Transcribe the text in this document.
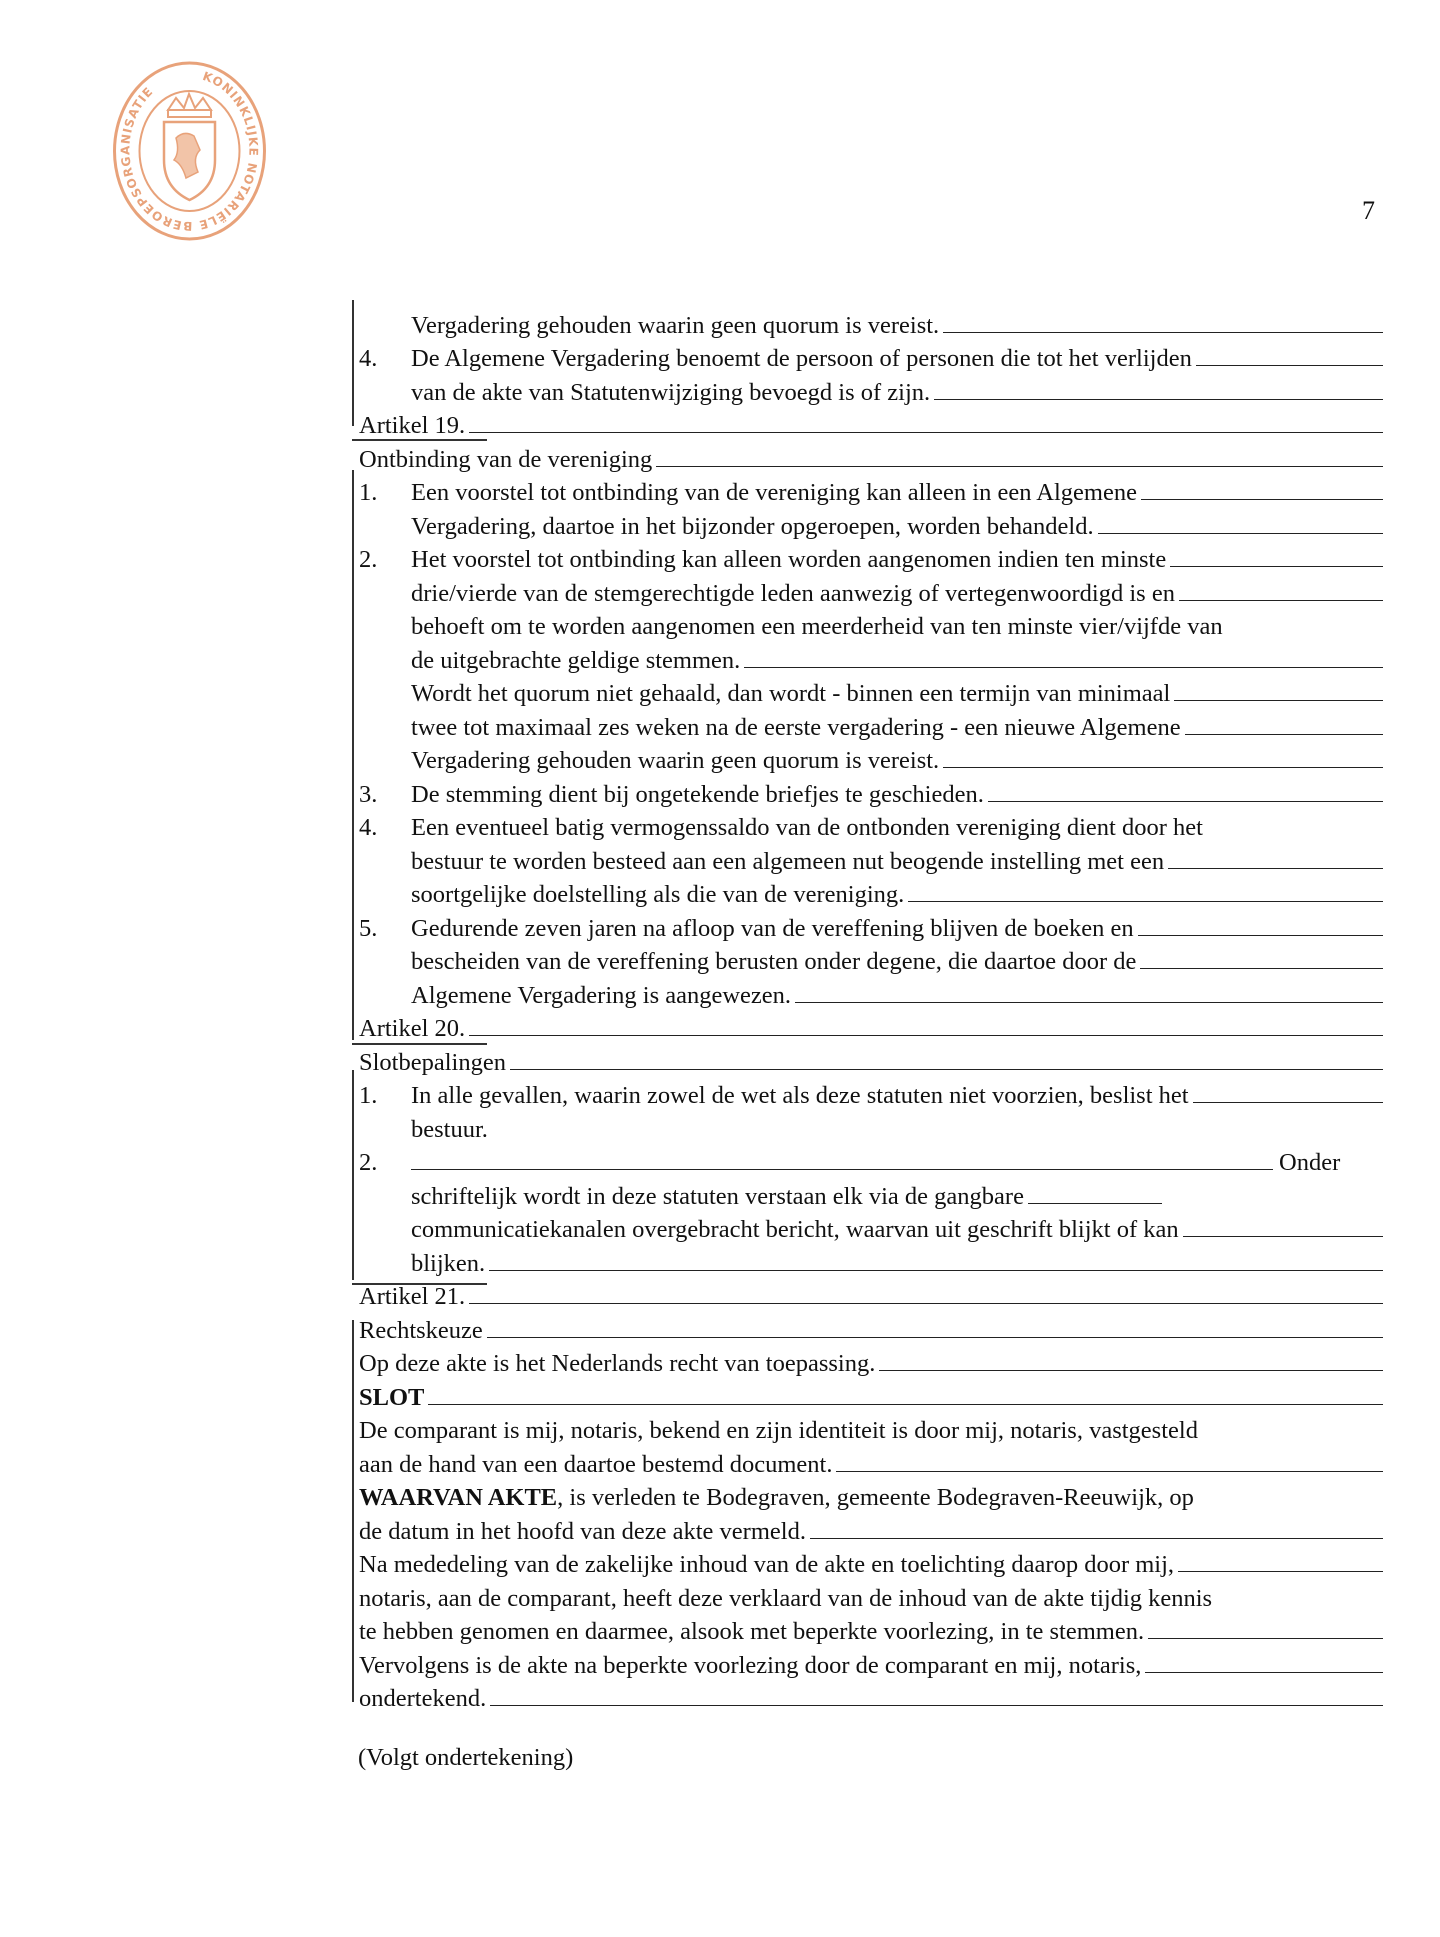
KONINKLIJKE NOTARIËLE BEROEPSORGANISATIE
7
Vergadering gehouden waarin geen quorum is vereist.
4.	De Algemene Vergadering benoemt de persoon of personen die tot het verlijden
van de akte van Statutenwijziging bevoegd is of zijn.
Artikel 19.
Ontbinding van de vereniging
1.	Een voorstel tot ontbinding van de vereniging kan alleen in een Algemene
Vergadering, daartoe in het bijzonder opgeroepen, worden behandeld.
2.	Het voorstel tot ontbinding kan alleen worden aangenomen indien ten minste
drie/vierde van de stemgerechtigde leden aanwezig of vertegenwoordigd is en
behoeft om te worden aangenomen een meerderheid van ten minste vier/vijfde van
de uitgebrachte geldige stemmen.
Wordt het quorum niet gehaald, dan wordt - binnen een termijn van minimaal
twee tot maximaal zes weken na de eerste vergadering - een nieuwe Algemene
Vergadering gehouden waarin geen quorum is vereist.
3.	De stemming dient bij ongetekende briefjes te geschieden.
4.	Een eventueel batig vermogenssaldo van de ontbonden vereniging dient door het
bestuur te worden besteed aan een algemeen nut beogende instelling met een
soortgelijke doelstelling als die van de vereniging.
5.	Gedurende zeven jaren na afloop van de vereffening blijven de boeken en
bescheiden van de vereffening berusten onder degene, die daartoe door de
Algemene Vergadering is aangewezen.
Artikel 20.
Slotbepalingen
1.	In alle gevallen, waarin zowel de wet als deze statuten niet voorzien, beslist het
bestuur.
2.	Onder
schriftelijk wordt in deze statuten verstaan elk via de gangbare
communicatiekanalen overgebracht bericht, waarvan uit geschrift blijkt of kan
blijken.
Artikel 21.
Rechtskeuze
Op deze akte is het Nederlands recht van toepassing.
SLOT
De comparant is mij, notaris, bekend en zijn identiteit is door mij, notaris, vastgesteld
aan de hand van een daartoe bestemd document.
WAARVAN AKTE, is verleden te Bodegraven, gemeente Bodegraven-Reeuwijk, op
de datum in het hoofd van deze akte vermeld.
Na mededeling van de zakelijke inhoud van de akte en toelichting daarop door mij,
notaris, aan de comparant, heeft deze verklaard van de inhoud van de akte tijdig kennis
te hebben genomen en daarmee, alsook met beperkte voorlezing, in te stemmen.
Vervolgens is de akte na beperkte voorlezing door de comparant en mij, notaris,
ondertekend.
(Volgt ondertekening)
